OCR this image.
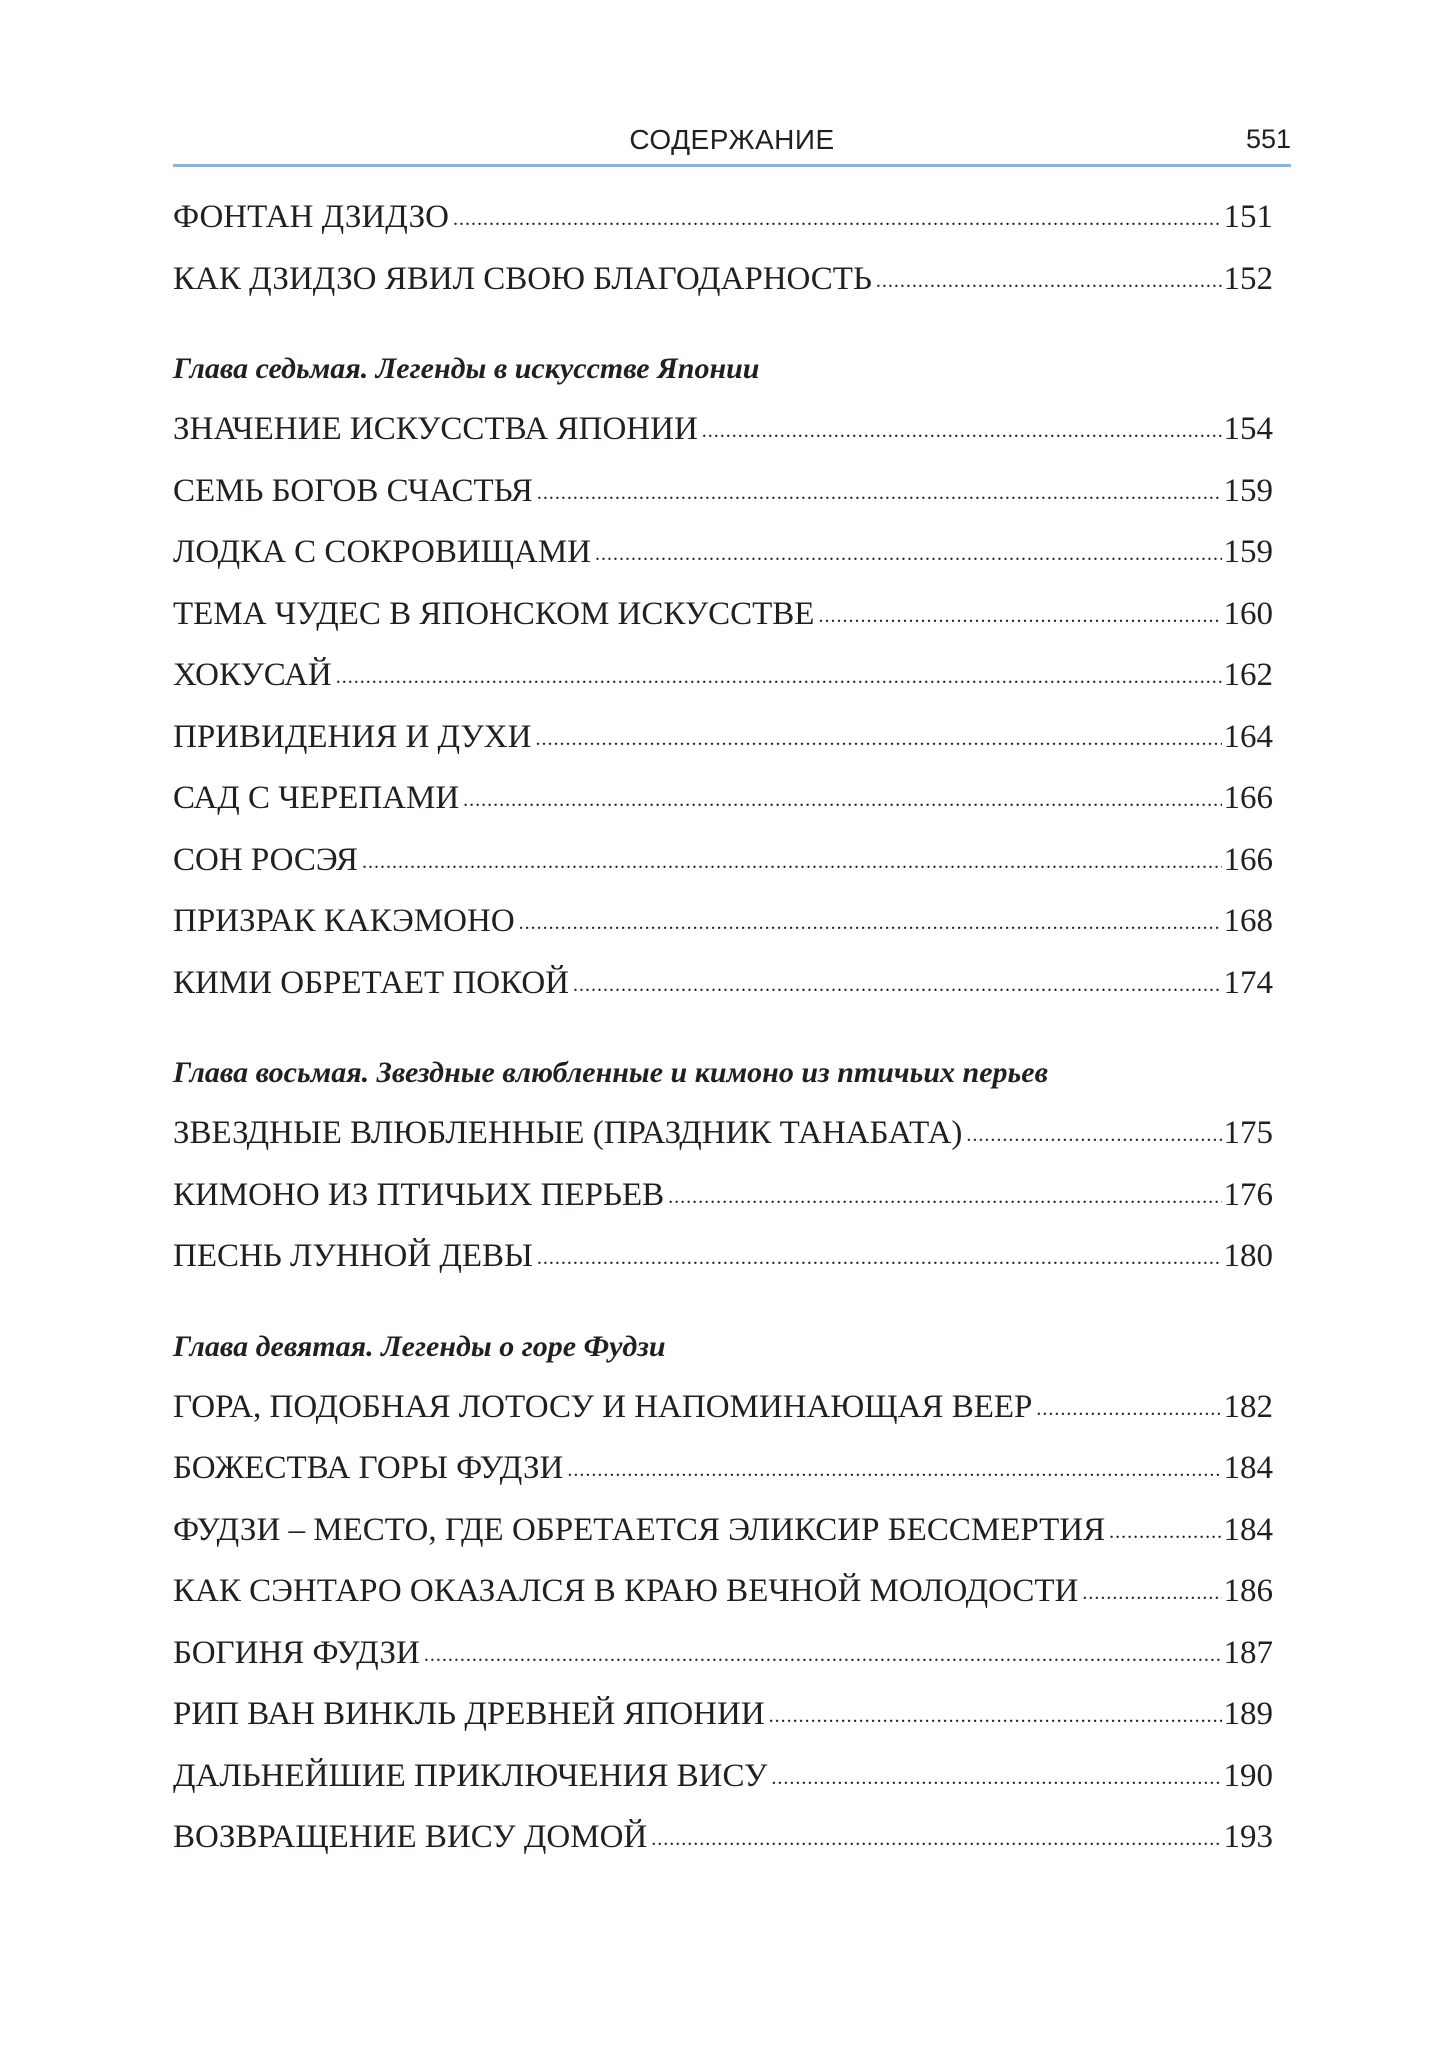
СОДЕРЖАНИЕ	551
ФОНТАН ДЗИДЗО .....	151
КАК ДЗИДЗО ЯВИЛ СВОЮ БЛАГОДАРНОСТЬ .....	152
Глава седьмая. Легенды в искусстве Японии
ЗНАЧЕНИЕ ИСКУССТВА ЯПОНИИ .....	154
СЕМЬ БОГОВ СЧАСТЬЯ .....	159
ЛОДКА С СОКРОВИЩАМИ .....	159
ТЕМА ЧУДЕС В ЯПОНСКОМ ИСКУССТВЕ .....	160
ХОКУСАЙ .....	162
ПРИВИДЕНИЯ И ДУХИ .....	164
САД С ЧЕРЕПАМИ .....	166
СОН РОСЭЯ .....	166
ПРИЗРАК КАКЭМОНО .....	168
КИМИ ОБРЕТАЕТ ПОКОЙ .....	174
Глава восьмая. Звездные влюбленные и кимоно из птичьих перьев
ЗВЕЗДНЫЕ ВЛЮБЛЕННЫЕ (ПРАЗДНИК ТАНАБАТА) .....	175
КИМОНО ИЗ ПТИЧЬИХ ПЕРЬЕВ .....	176
ПЕСНЬ ЛУННОЙ ДЕВЫ .....	180
Глава девятая. Легенды о горе Фудзи
ГОРА, ПОДОБНАЯ ЛОТОСУ И НАПОМИНАЮЩАЯ ВЕЕР .....	182
БОЖЕСТВА ГОРЫ ФУДЗИ .....	184
ФУДЗИ – МЕСТО, ГДЕ ОБРЕТАЕТСЯ ЭЛИКСИР БЕССМЕРТИЯ .....	184
КАК СЭНТАРО ОКАЗАЛСЯ В КРАЮ ВЕЧНОЙ МОЛОДОСТИ .....	186
БОГИНЯ ФУДЗИ .....	187
РИП ВАН ВИНКЛЬ ДРЕВНЕЙ ЯПОНИИ .....	189
ДАЛЬНЕЙШИЕ ПРИКЛЮЧЕНИЯ ВИСУ .....	190
ВОЗВРАЩЕНИЕ ВИСУ ДОМОЙ .....	193
